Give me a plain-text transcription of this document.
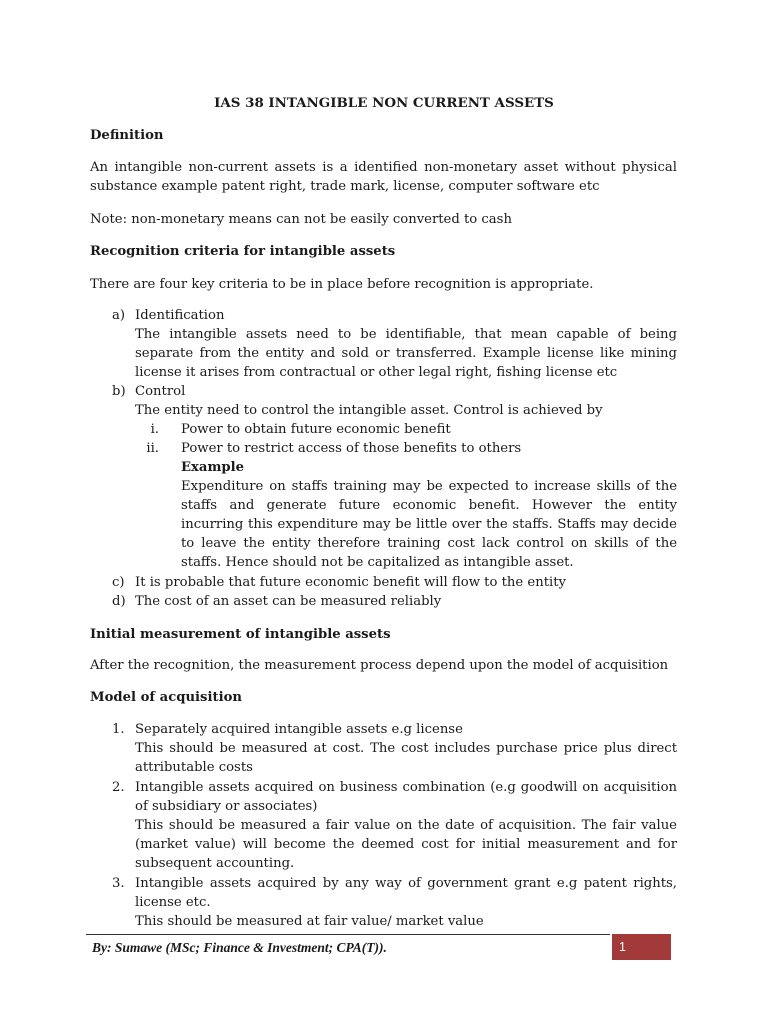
IAS 38 INTANGIBLE NON CURRENT ASSETS
Definition
An intangible non-current assets is a identified non-monetary asset without physical substance example patent right, trade mark, license, computer software etc
Note: non-monetary means can not be easily converted to cash
Recognition criteria for intangible assets
There are four key criteria to be in place before recognition is appropriate.
a) Identification
The intangible assets need to be identifiable, that mean capable of being separate from the entity and sold or transferred. Example license like mining license it arises from contractual or other legal right, fishing license etc
b) Control
The entity need to control the intangible asset. Control is achieved by
i. Power to obtain future economic benefit
ii. Power to restrict access of those benefits to others
Example
Expenditure on staffs training may be expected to increase skills of the staffs and generate future economic benefit. However the entity incurring this expenditure may be little over the staffs. Staffs may decide to leave the entity therefore training cost lack control on skills of the staffs. Hence should not be capitalized as intangible asset.
c) It is probable that future economic benefit will flow to the entity
d) The cost of an asset can be measured reliably
Initial measurement of intangible assets
After the recognition, the measurement process depend upon the model of acquisition
Model of acquisition
1. Separately acquired intangible assets e.g license
This should be measured at cost. The cost includes purchase price plus direct attributable costs
2. Intangible assets acquired on business combination (e.g goodwill on acquisition of subsidiary or associates)
This should be measured a fair value on the date of acquisition. The fair value (market value) will become the deemed cost for initial measurement and for subsequent accounting.
3. Intangible assets acquired by any way of government grant e.g patent rights, license etc.
This should be measured at fair value/ market value
By: Sumawe (MSc; Finance & Investment; CPA(T)).	1
